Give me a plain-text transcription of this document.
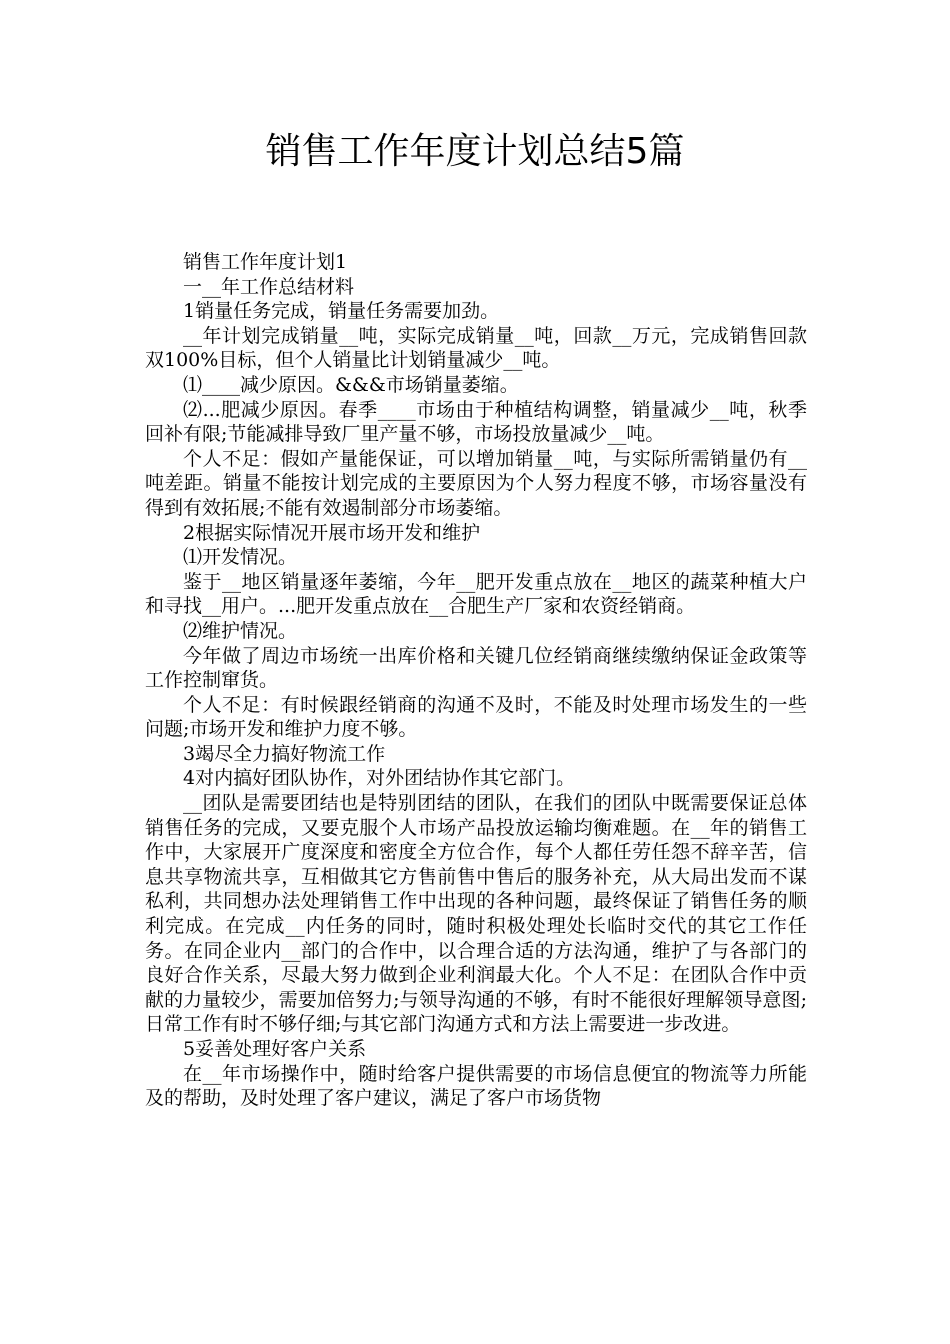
销售工作年度计划总结5篇

销售工作年度计划1

一__年工作总结材料

1销量任务完成，销量任务需要加劲。

__年计划完成销量__吨，实际完成销量__吨，回款__万元，完成销售回款双100%目标，但个人销量比计划销量减少__吨。

⑴____减少原因。&&&市场销量萎缩。

⑵...肥减少原因。春季____市场由于种植结构调整，销量减少__吨，秋季回补有限;节能减排导致厂里产量不够，市场投放量减少__吨。

个人不足：假如产量能保证，可以增加销量__吨，与实际所需销量仍有__吨差距。销量不能按计划完成的主要原因为个人努力程度不够，市场容量没有得到有效拓展;不能有效遏制部分市场萎缩。

2根据实际情况开展市场开发和维护

⑴开发情况。

鉴于__地区销量逐年萎缩，今年__肥开发重点放在__地区的蔬菜种植大户和寻找__用户。...肥开发重点放在__合肥生产厂家和农资经销商。

⑵维护情况。

今年做了周边市场统一出库价格和关键几位经销商继续缴纳保证金政策等工作控制窜货。

个人不足：有时候跟经销商的沟通不及时，不能及时处理市场发生的一些问题;市场开发和维护力度不够。

3竭尽全力搞好物流工作

4对内搞好团队协作，对外团结协作其它部门。

__团队是需要团结也是特别团结的团队，在我们的团队中既需要保证总体销售任务的完成，又要克服个人市场产品投放运输均衡难题。在__年的销售工作中，大家展开广度深度和密度全方位合作，每个人都任劳任怨不辞辛苦，信息共享物流共享，互相做其它方售前售中售后的服务补充，从大局出发而不谋私利，共同想办法处理销售工作中出现的各种问题，最终保证了销售任务的顺利完成。在完成__内任务的同时，随时积极处理处长临时交代的其它工作任务。在同企业内__部门的合作中，以合理合适的方法沟通，维护了与各部门的良好合作关系，尽最大努力做到企业利润最大化。个人不足：在团队合作中贡献的力量较少，需要加倍努力;与领导沟通的不够，有时不能很好理解领导意图;日常工作有时不够仔细;与其它部门沟通方式和方法上需要进一步改进。

5妥善处理好客户关系

在__年市场操作中，随时给客户提供需要的市场信息便宜的物流等力所能及的帮助，及时处理了客户建议，满足了客户市场货物
